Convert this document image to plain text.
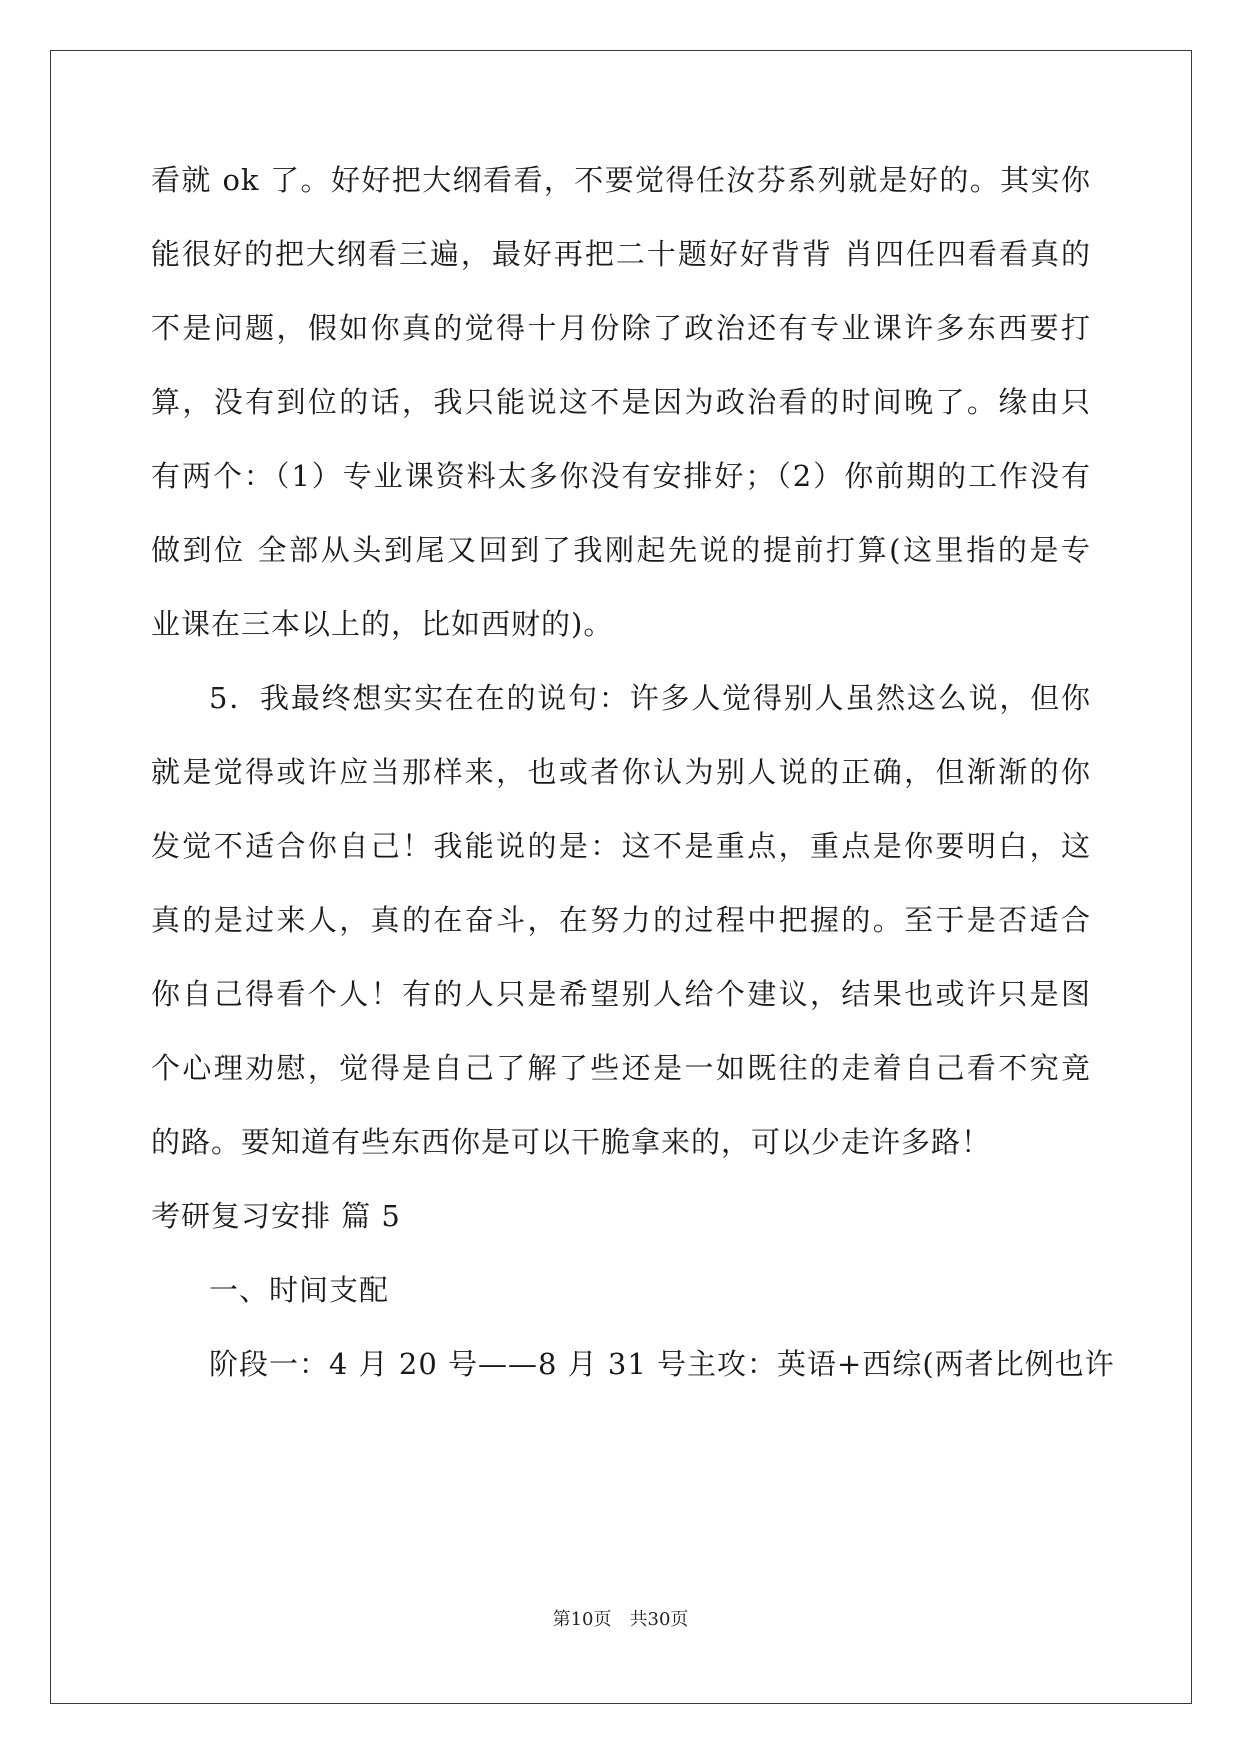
看就 ok 了。好好把大纲看看，不要觉得任汝芬系列就是好的。其实你
能很好的把大纲看三遍，最好再把二十题好好背背 肖四任四看看真的
不是问题，假如你真的觉得十月份除了政治还有专业课许多东西要打
算，没有到位的话，我只能说这不是因为政治看的时间晚了。缘由只
有两个：（1）专业课资料太多你没有安排好；（2）你前期的工作没有
做到位 全部从头到尾又回到了我刚起先说的提前打算(这里指的是专
业课在三本以上的，比如西财的)。
5．我最终想实实在在的说句：许多人觉得别人虽然这么说，但你
就是觉得或许应当那样来，也或者你认为别人说的正确，但渐渐的你
发觉不适合你自己！我能说的是：这不是重点，重点是你要明白，这
真的是过来人，真的在奋斗，在努力的过程中把握的。至于是否适合
你自己得看个人！有的人只是希望别人给个建议，结果也或许只是图
个心理劝慰，觉得是自己了解了些还是一如既往的走着自己看不究竟
的路。要知道有些东西你是可以干脆拿来的，可以少走许多路！
考研复习安排 篇 5
一、时间支配
阶段一：4 月 20 号——8 月 31 号主攻：英语+西综(两者比例也许
第10页 共30页
